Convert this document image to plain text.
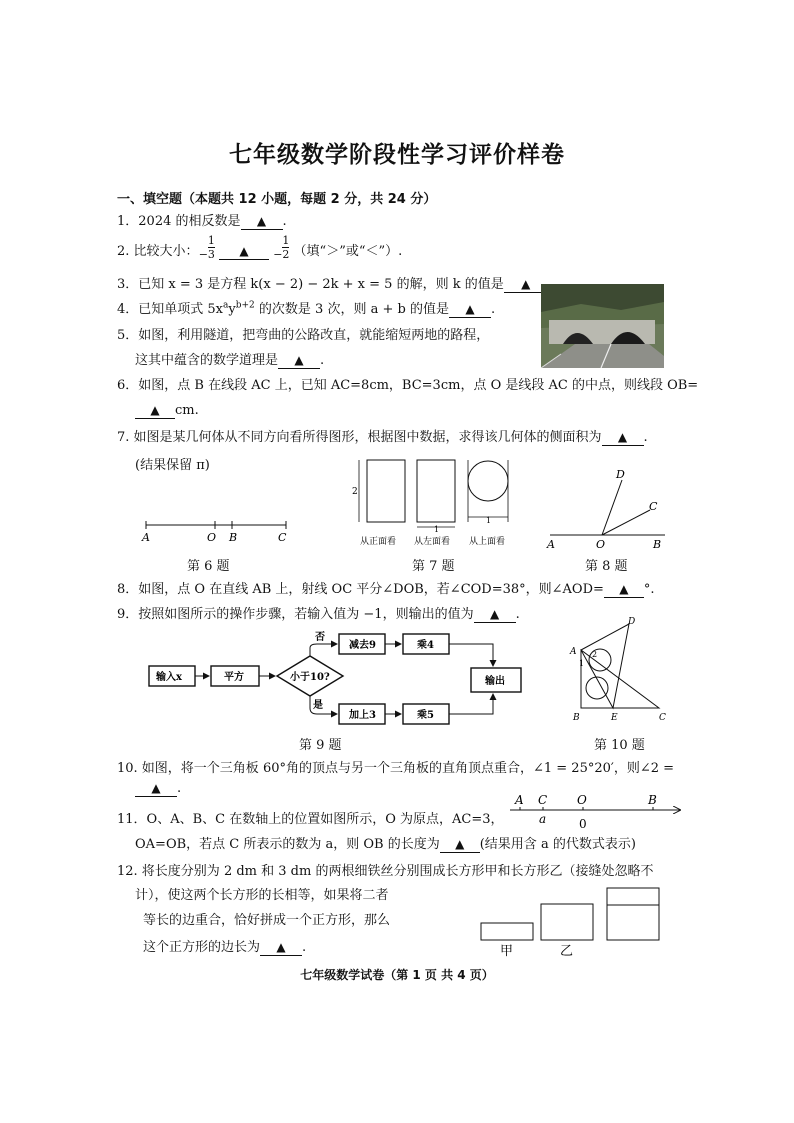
七年级数学阶段性学习评价样卷
一、填空题（本题共 12 小题，每题 2 分，共 24 分）
1．2024 的相反数是 ▲ .
2. 比较大小： − $\frac{1}{3}$ ▲ − $\frac{1}{2}$ （填“＞”或“＜”）.
3．已知 x = 3 是方程 k(x − 2) − 2k + x = 5 的解，则 k 的值是 ▲
4．已知单项式 $5x^ay^{b+2}$ 的次数是 3 次，则 a + b 的值是 ▲ .
5．如图，利用隧道，把弯曲的公路改直，就能缩短两地的路程，
这其中蕴含的数学道理是 ▲ .
6．如图，点 B 在线段 AC 上，已知 AC=8cm，BC=3cm，点 O 是线段 AC 的中点，则线段 OB=
▲ cm.
7. 如图是某几何体从不同方向看所得图形，根据图中数据，求得该几何体的侧面积为 ▲ .
(结果保留 π)
A	O B	C
第 6 题
2
1
1
从正面看 从左面看 从上面看
第 7 题
D
C
A	O	B
第 8 题
8．如图，点 O 在直线 AB 上，射线 OC 平分∠DOB，若∠COD=38°，则∠AOD= ▲ °.
9．按照如图所示的操作步骤，若输入值为 −1，则输出的值为 ▲ .
输入x	平方	小于10?
否
是
减去9	乘4
加上3	乘5
输出
第 9 题
A
D
B	E	C
1
2
第 10 题
10. 如图，将一个三角板 60°角的顶点与另一个三角板的直角顶点重合，∠1 = 25°20′，则∠2 =
▲ .
11．O、A、B、C 在数轴上的位置如图所示，O 为原点，AC=3，
OA=OB，若点 C 所表示的数为 a，则 OB 的长度为 ▲ (结果用含 a 的代数式表示)
A C O	B
a	0
12. 将长度分别为 2 dm 和 3 dm 的两根细铁丝分别围成长方形甲和长方形乙（接缝处忽略不
计），使这两个长方形的长相等，如果将二者
等长的边重合，恰好拼成一个正方形，那么
这个正方形的边长为 ▲ .	甲	乙
七年级数学试卷（第 1 页 共 4 页）
